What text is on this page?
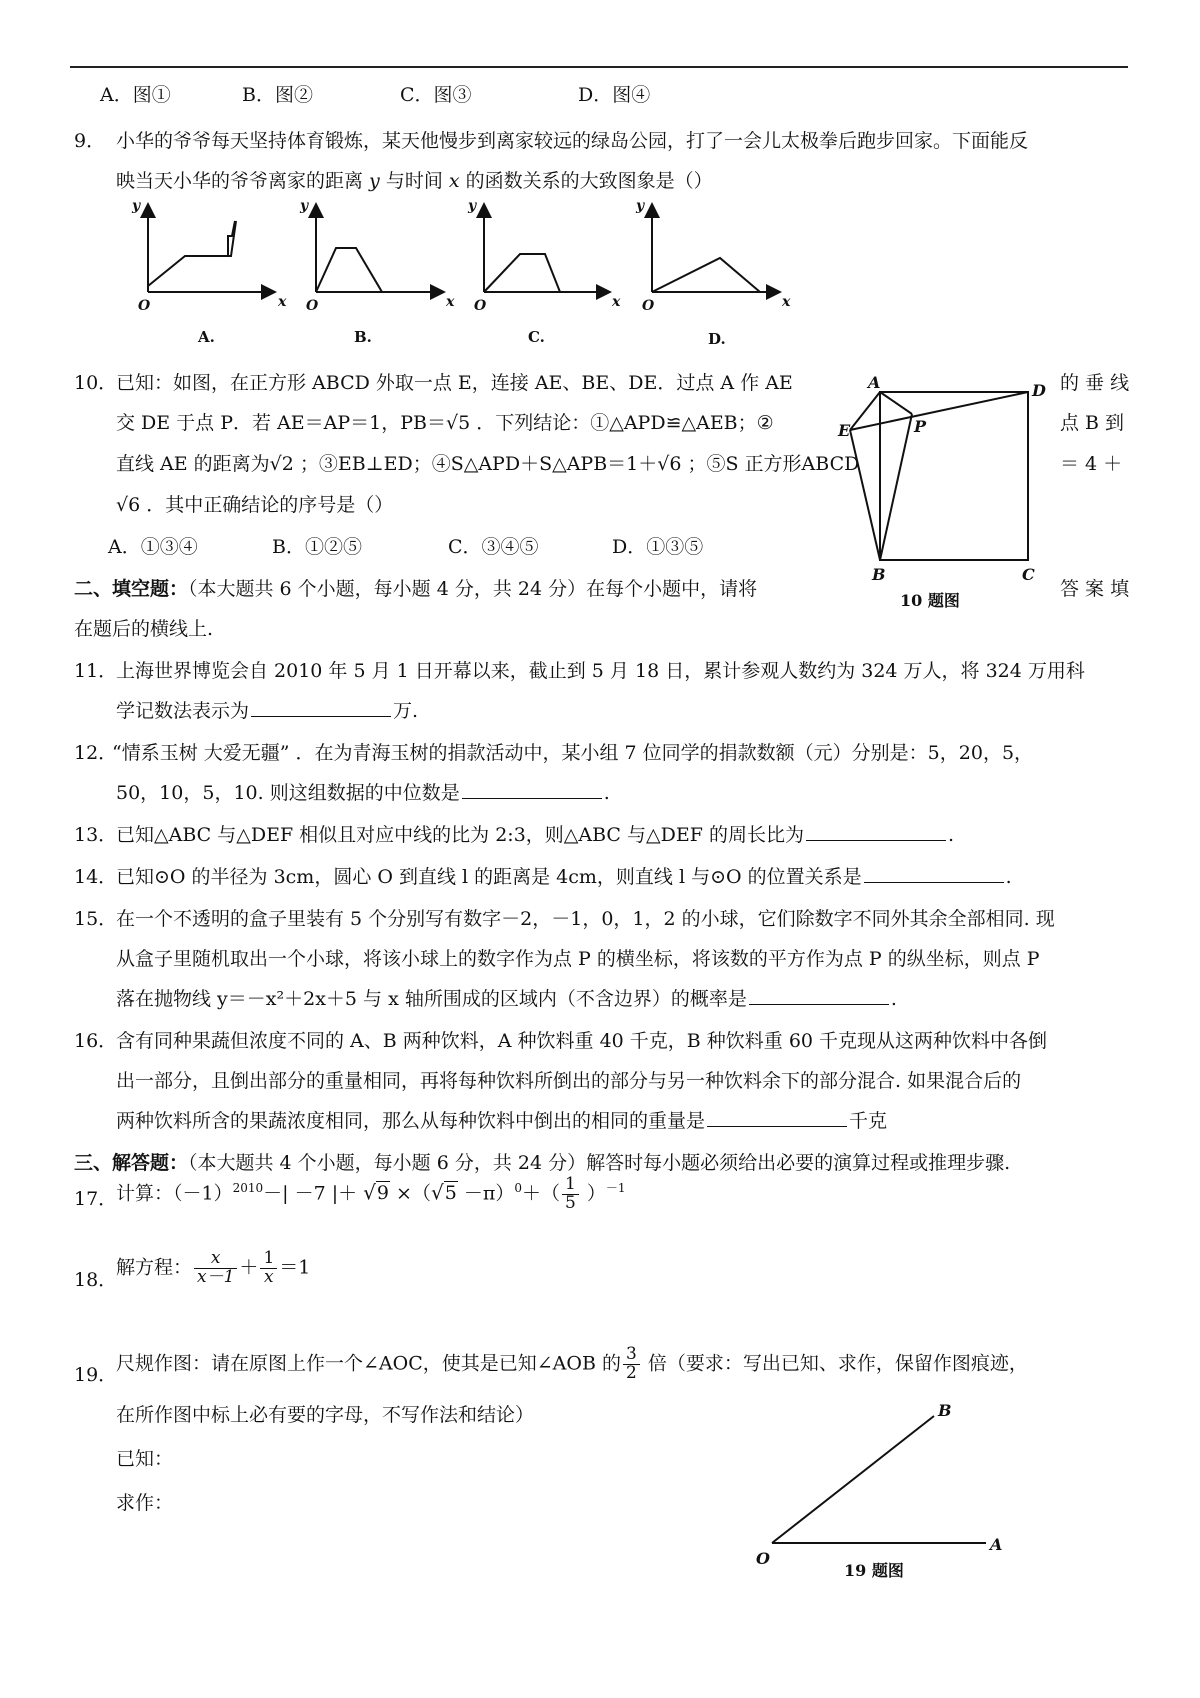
A．图①	B．图②	C．图③	D．图④
9． 小华的爷爷每天坚持体育锻炼，某天他慢步到离家较远的绿岛公园，打了一会儿太极拳后跑步回家。下面能反
映当天小华的爷爷离家的距离 y 与时间 x 的函数关系的大致图象是（）
y
O	x
y
O	x
y
O	x
y
O	x
A.	B.	C.	D.
10．
已知：如图，在正方形 ABCD 外取一点 E，连接 AE、BE、DE．过点 A 作 AE	的 垂 线
交 DE 于点 P．若 AE＝AP＝1，PB＝√5 ．下列结论：①△APD≌△AEB；②	点 B 到
直线 AE 的距离为√2 ；③EB⊥ED；④S△APD＋S△APB＝1＋√6 ；⑤S 正方形ABCD	＝ 4 ＋
√6 ．其中正确结论的序号是（）
A．①③④	B．①②⑤	C．③④⑤	D．①③⑤
A	D
E	P
B	C
10 题图
二、填空题：（本大题共 6 个小题，每小题 4 分，共 24 分）在每个小题中，请将	答 案 填
在题后的横线上.
11．
上海世界博览会自 2010 年 5 月 1 日开幕以来，截止到 5 月 18 日，累计参观人数约为 324 万人，将 324 万用科
学记数法表示为	万.
12．
“情系玉树 大爱无疆” ．在为青海玉树的捐款活动中，某小组 7 位同学的捐款数额（元）分别是：5，20，5，
50，10，5，10. 则这组数据的中位数是	.
13．
已知△ABC 与△DEF 相似且对应中线的比为 2:3，则△ABC 与△DEF 的周长比为	.
14．
已知⊙O 的半径为 3cm，圆心 O 到直线 l 的距离是 4cm，则直线 l 与⊙O 的位置关系是	.
15．
在一个不透明的盒子里装有 5 个分别写有数字－2，－1，0，1，2 的小球，它们除数字不同外其余全部相同. 现
从盒子里随机取出一个小球，将该小球上的数字作为点 P 的横坐标，将该数的平方作为点 P 的纵坐标，则点 P
落在抛物线 y＝－x²＋2x＋5 与 x 轴所围成的区域内（不含边界）的概率是	.
16．
含有同种果蔬但浓度不同的 A、B 两种饮料，A 种饮料重 40 千克，B 种饮料重 60 千克现从这两种饮料中各倒
出一部分，且倒出部分的重量相同，再将每种饮料所倒出的部分与另一种饮料余下的部分混合. 如果混合后的
两种饮料所含的果蔬浓度相同，那么从每种饮料中倒出的相同的重量是	千克
三、解答题：（本大题共 4 个小题，每小题 6 分，共 24 分）解答时每小题必须给出必要的演算过程或推理步骤.
17．
计算：$(-1)^{2010}-| -7$ |＋ $√9 \times(√5 -\pi)^0+( \frac{1}{5} )^{-1}$
18．
解方程： $\frac{x}{x-1} + \frac{1}{x} =1$
19．
尺规作图：请在原图上作一个∠AOC，使其是已知∠AOB 的 $\frac{3}{2}$ 倍（要求：写出已知、求作，保留作图痕迹，
在所作图中标上必有要的字母，不写作法和结论）
已知：
求作：
B
O
A
19 题图
